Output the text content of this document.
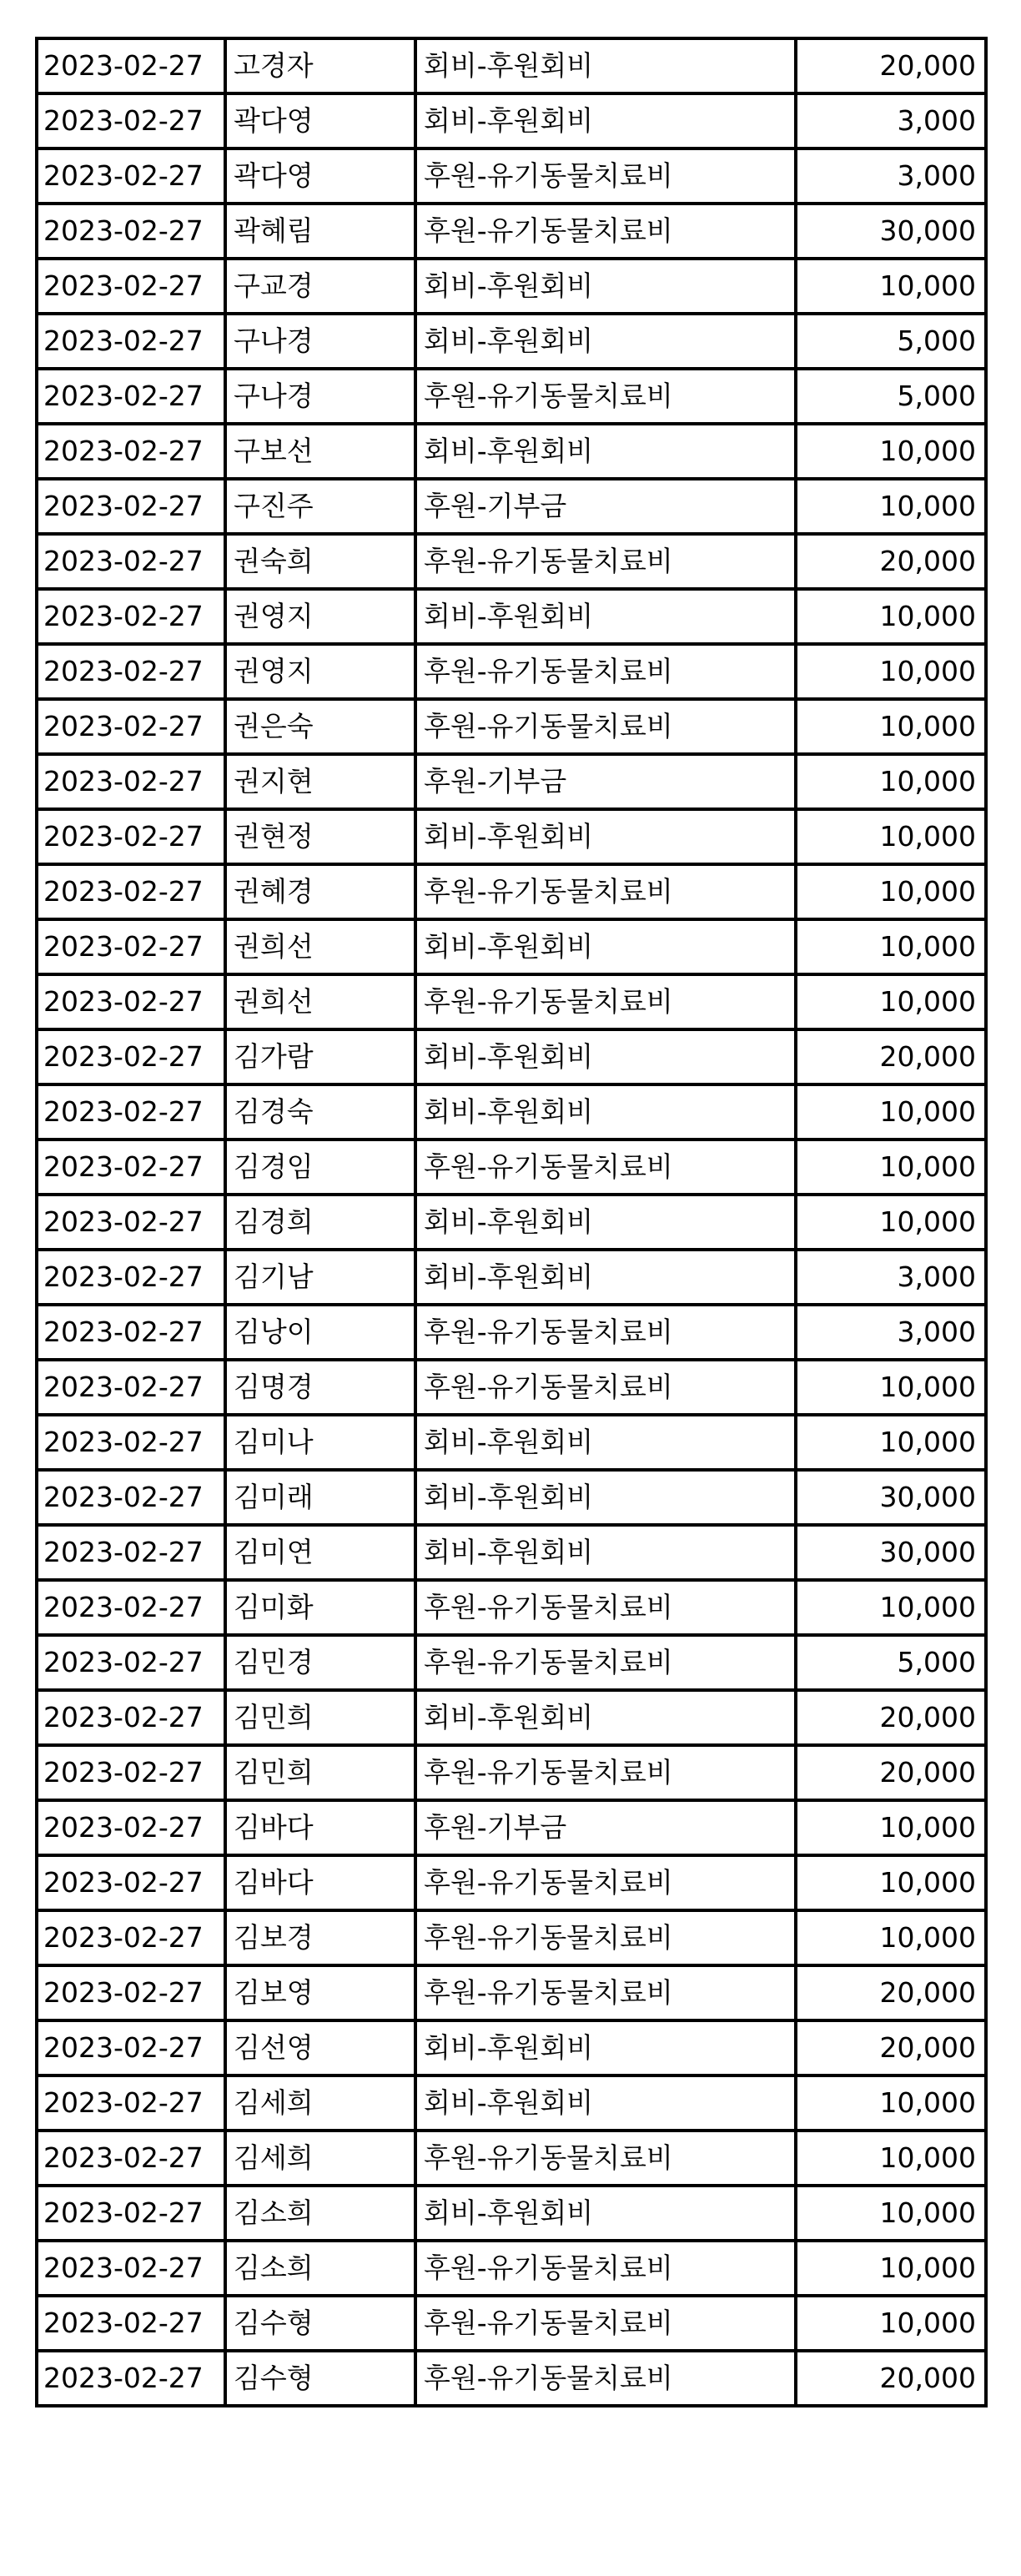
2023-02-27	고경자	회비-후원회비	20,000
2023-02-27	곽다영	회비-후원회비	3,000
2023-02-27	곽다영	후원-유기동물치료비	3,000
2023-02-27	곽혜림	후원-유기동물치료비	30,000
2023-02-27	구교경	회비-후원회비	10,000
2023-02-27	구나경	회비-후원회비	5,000
2023-02-27	구나경	후원-유기동물치료비	5,000
2023-02-27	구보선	회비-후원회비	10,000
2023-02-27	구진주	후원-기부금	10,000
2023-02-27	권숙희	후원-유기동물치료비	20,000
2023-02-27	권영지	회비-후원회비	10,000
2023-02-27	권영지	후원-유기동물치료비	10,000
2023-02-27	권은숙	후원-유기동물치료비	10,000
2023-02-27	권지현	후원-기부금	10,000
2023-02-27	권현정	회비-후원회비	10,000
2023-02-27	권혜경	후원-유기동물치료비	10,000
2023-02-27	권희선	회비-후원회비	10,000
2023-02-27	권희선	후원-유기동물치료비	10,000
2023-02-27	김가람	회비-후원회비	20,000
2023-02-27	김경숙	회비-후원회비	10,000
2023-02-27	김경임	후원-유기동물치료비	10,000
2023-02-27	김경희	회비-후원회비	10,000
2023-02-27	김기남	회비-후원회비	3,000
2023-02-27	김낭이	후원-유기동물치료비	3,000
2023-02-27	김명경	후원-유기동물치료비	10,000
2023-02-27	김미나	회비-후원회비	10,000
2023-02-27	김미래	회비-후원회비	30,000
2023-02-27	김미연	회비-후원회비	30,000
2023-02-27	김미화	후원-유기동물치료비	10,000
2023-02-27	김민경	후원-유기동물치료비	5,000
2023-02-27	김민희	회비-후원회비	20,000
2023-02-27	김민희	후원-유기동물치료비	20,000
2023-02-27	김바다	후원-기부금	10,000
2023-02-27	김바다	후원-유기동물치료비	10,000
2023-02-27	김보경	후원-유기동물치료비	10,000
2023-02-27	김보영	후원-유기동물치료비	20,000
2023-02-27	김선영	회비-후원회비	20,000
2023-02-27	김세희	회비-후원회비	10,000
2023-02-27	김세희	후원-유기동물치료비	10,000
2023-02-27	김소희	회비-후원회비	10,000
2023-02-27	김소희	후원-유기동물치료비	10,000
2023-02-27	김수형	후원-유기동물치료비	10,000
2023-02-27	김수형	후원-유기동물치료비	20,000
